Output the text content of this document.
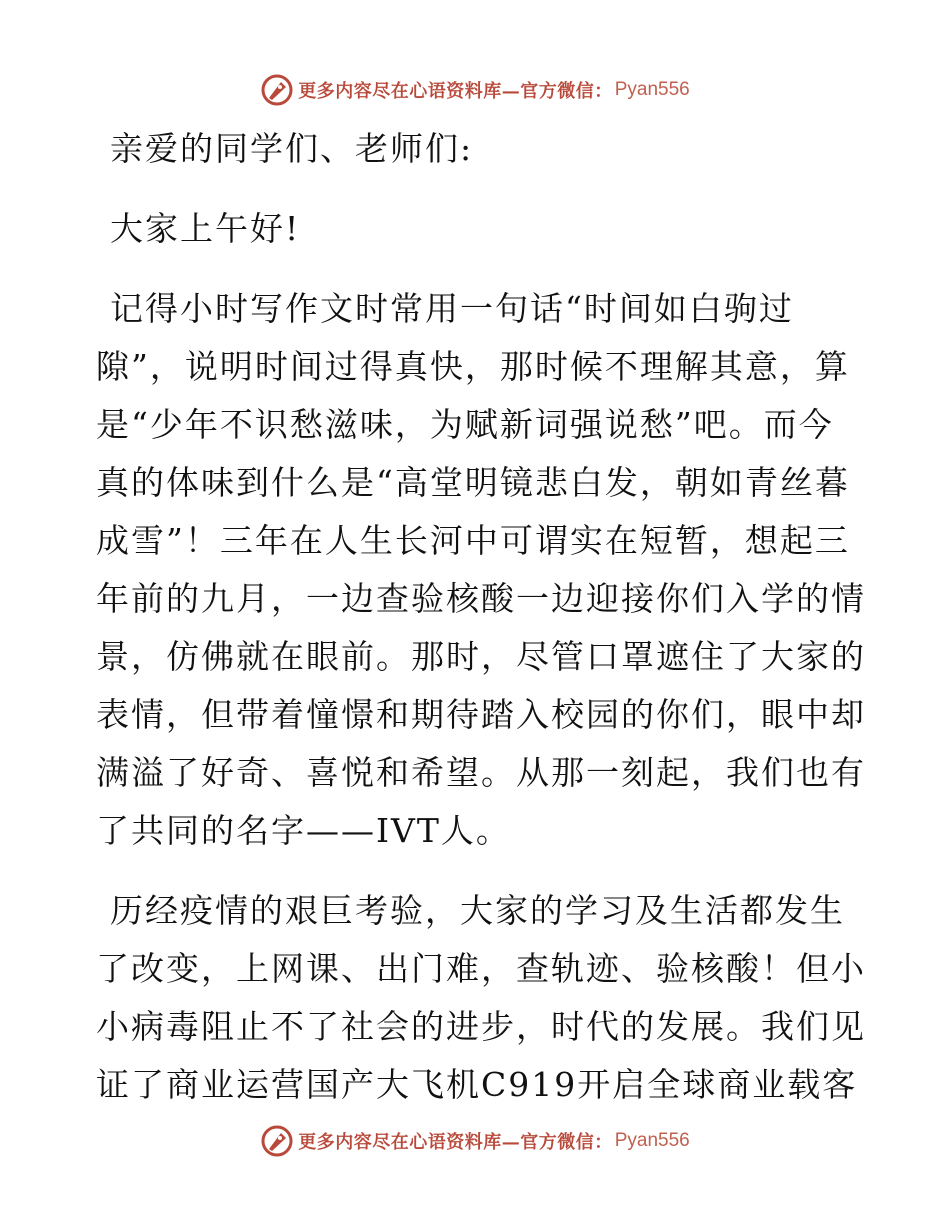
更多内容尽在心语资料库—官方微信： Pyan556

亲爱的同学们、老师们:

大家上午好!

记得小时写作文时常用一句话“时间如白驹过
隙”，说明时间过得真快，那时候不理解其意，算
是“少年不识愁滋味，为赋新词强说愁”吧。而今
真的体味到什么是“高堂明镜悲白发，朝如青丝暮
成雪”！三年在人生长河中可谓实在短暂，想起三
年前的九月，一边查验核酸一边迎接你们入学的情
景，仿佛就在眼前。那时，尽管口罩遮住了大家的
表情，但带着憧憬和期待踏入校园的你们，眼中却
满溢了好奇、喜悦和希望。从那一刻起，我们也有
了共同的名字——IVT人。

历经疫情的艰巨考验，大家的学习及生活都发生
了改变，上网课、出门难，查轨迹、验核酸！但小
小病毒阻止不了社会的进步，时代的发展。我们见
证了商业运营国产大飞机C919开启全球商业载客

更多内容尽在心语资料库—官方微信： Pyan556
